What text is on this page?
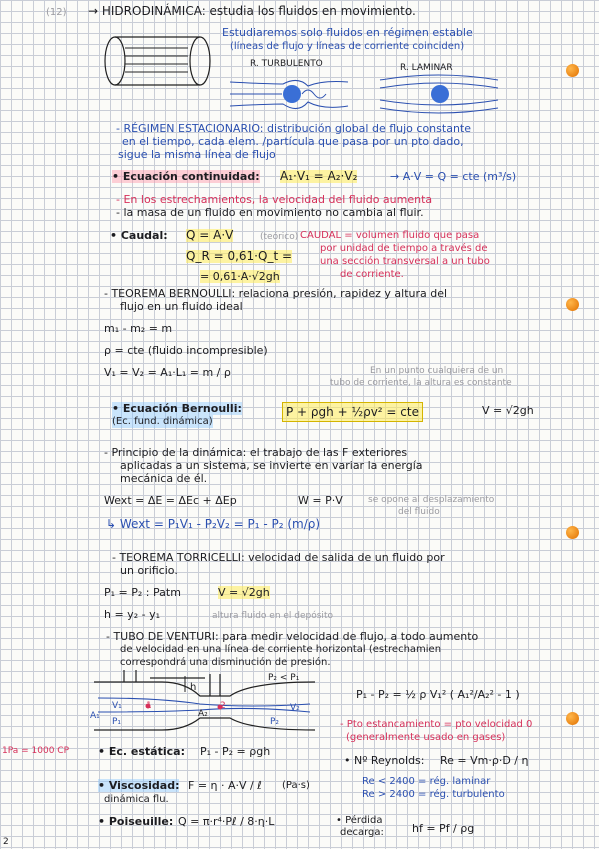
(12) → HIDRODINÁMICA: estudia los fluidos en movimiento.
Estudiaremos solo fluidos en régimen estable
(líneas de flujo y líneas de corriente coinciden)
R. TURBULENTO	R. LAMINAR
- RÉGIMEN ESTACIONARIO: distribución global de flujo constante
en el tiempo, cada elem. /partícula que pasa por un pto dado,
sigue la misma línea de flujo
• Ecuación continuidad: A₁·V₁ = A₂·V₂	→ A·V = Q = cte (m³/s)
- En los estrechamientos, la velocidad del fluido aumenta
- la masa de un fluido en movimiento no cambia al fluir.
• Caudal: Q = A·V	(teórico)
Q_R = 0,61·Q_t =
= 0,61·A·√2gh
CAUDAL = volumen fluido que pasa
por unidad de tiempo a través de
una sección transversal a un tubo
de corriente.
- TEOREMA BERNOULLI: relaciona presión, rapidez y altura del
flujo en un fluido ideal
m₁ - m₂ = m
ρ = cte (fluido incompresible)
V₁ = V₂ = A₁·L₁ = m / ρ	En un punto cualquiera de un
tubo de corriente, la altura es constante
• Ecuación Bernoulli:
(Ec. fund. dinámica)
P + ρgh + ½ρv² = cte	V = √2gh
- Principio de la dinámica: el trabajo de las F exteriores
aplicadas a un sistema, se invierte en variar la energía
mecánica de él.
Wext = ΔE = ΔEc + ΔEp	W = P·V	se opone al desplazamiento
del fluido
↳ Wext = P₁V₁ - P₂V₂ = P₁ - P₂ (m/ρ)
- TEOREMA TORRICELLI: velocidad de salida de un fluido por
un orificio.
P₁ = P₂ : Patm	V = √2gh
h = y₂ - y₁	altura fluido en el depósito
- TUBO DE VENTURI: para medir velocidad de flujo, a todo aumento
de velocidad en una línea de corriente horizontal (estrechamien
correspondrá una disminución de presión.
h
P₂ < P₁
V₁
P₁
A₁
1
A₂
2
P₂
V₂
P₁ - P₂ = ½ ρ V₁² ( A₁²/A₂² - 1 )
- Pto estancamiento = pto velocidad 0
(generalmente usado en gases)
1Pa = 1000 CP	• Ec. estática: P₁ - P₂ = ρgh
• Viscosidad:
dinámica flu.
F = η · A·V / ℓ (Pa·s)
• Poiseuille: Q = π·r⁴·Pℓ / 8·η·L
• Nº Reynolds: Re = Vm·ρ·D / η
Re < 2400 = rég. laminar
Re > 2400 = rég. turbulento
• Pérdida
decarga:	hf = Pf / ρg
2
